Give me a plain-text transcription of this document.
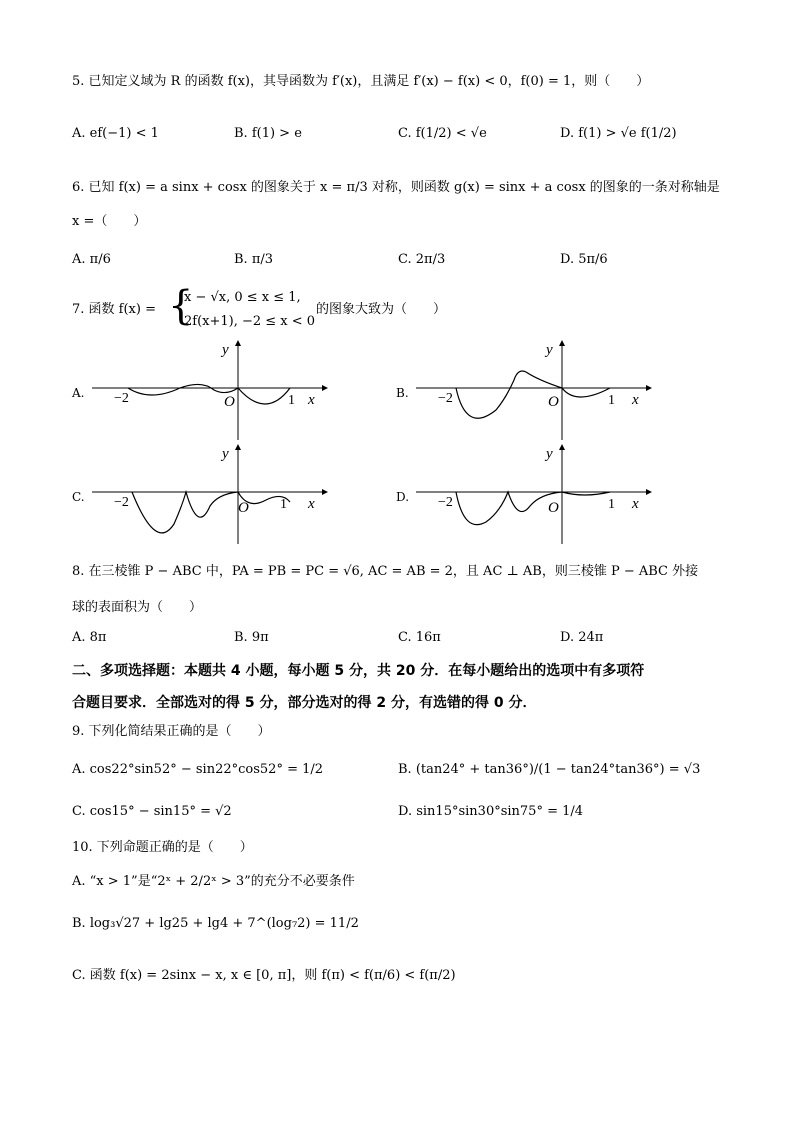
5. 已知定义域为 R 的函数 f(x)，其导函数为 f′(x)，且满足 f′(x) − f(x) < 0，f(0) = 1，则（　　）
A. ef(−1) < 1	B. f(1) > e	C. f(1/2) < √e	D. f(1) > √e f(1/2)
6. 已知 f(x) = a sinx + cosx 的图象关于 x = π/3 对称，则函数 g(x) = sinx + a cosx 的图象的一条对称轴是
x =（　　）
A. π/6	B. π/3	C. 2π/3	D. 5π/6
7. 函数 f(x) = {
x − √x, 0 ≤ x ≤ 1,
2f(x+1), −2 ≤ x < 0
的图象大致为（　　）
A. −2	O	1 x
y
B. −2	O	1 x
y
C. −2	O 1 x
y
D. −2	O	1 x
y
8. 在三棱锥 P − ABC 中，PA = PB = PC = √6, AC = AB = 2，且 AC ⊥ AB，则三棱锥 P − ABC 外接
球的表面积为（　　）
A. 8π	B. 9π	C. 16π	D. 24π
二、多项选择题：本题共 4 小题，每小题 5 分，共 20 分．在每小题给出的选项中有多项符
合题目要求．全部选对的得 5 分，部分选对的得 2 分，有选错的得 0 分．
9. 下列化简结果正确的是（　　）
A. cos22°sin52° − sin22°cos52° = 1/2	B. (tan24° + tan36°)/(1 − tan24°tan36°) = √3
C. cos15° − sin15° = √2	D. sin15°sin30°sin75° = 1/4
10. 下列命题正确的是（　　）
A. “x > 1”是“2ˣ + 2/2ˣ > 3”的充分不必要条件
B. log₃√27 + lg25 + lg4 + 7^(log₇2) = 11/2
C. 函数 f(x) = 2sinx − x, x ∈ [0, π]，则 f(π) < f(π/6) < f(π/2)
